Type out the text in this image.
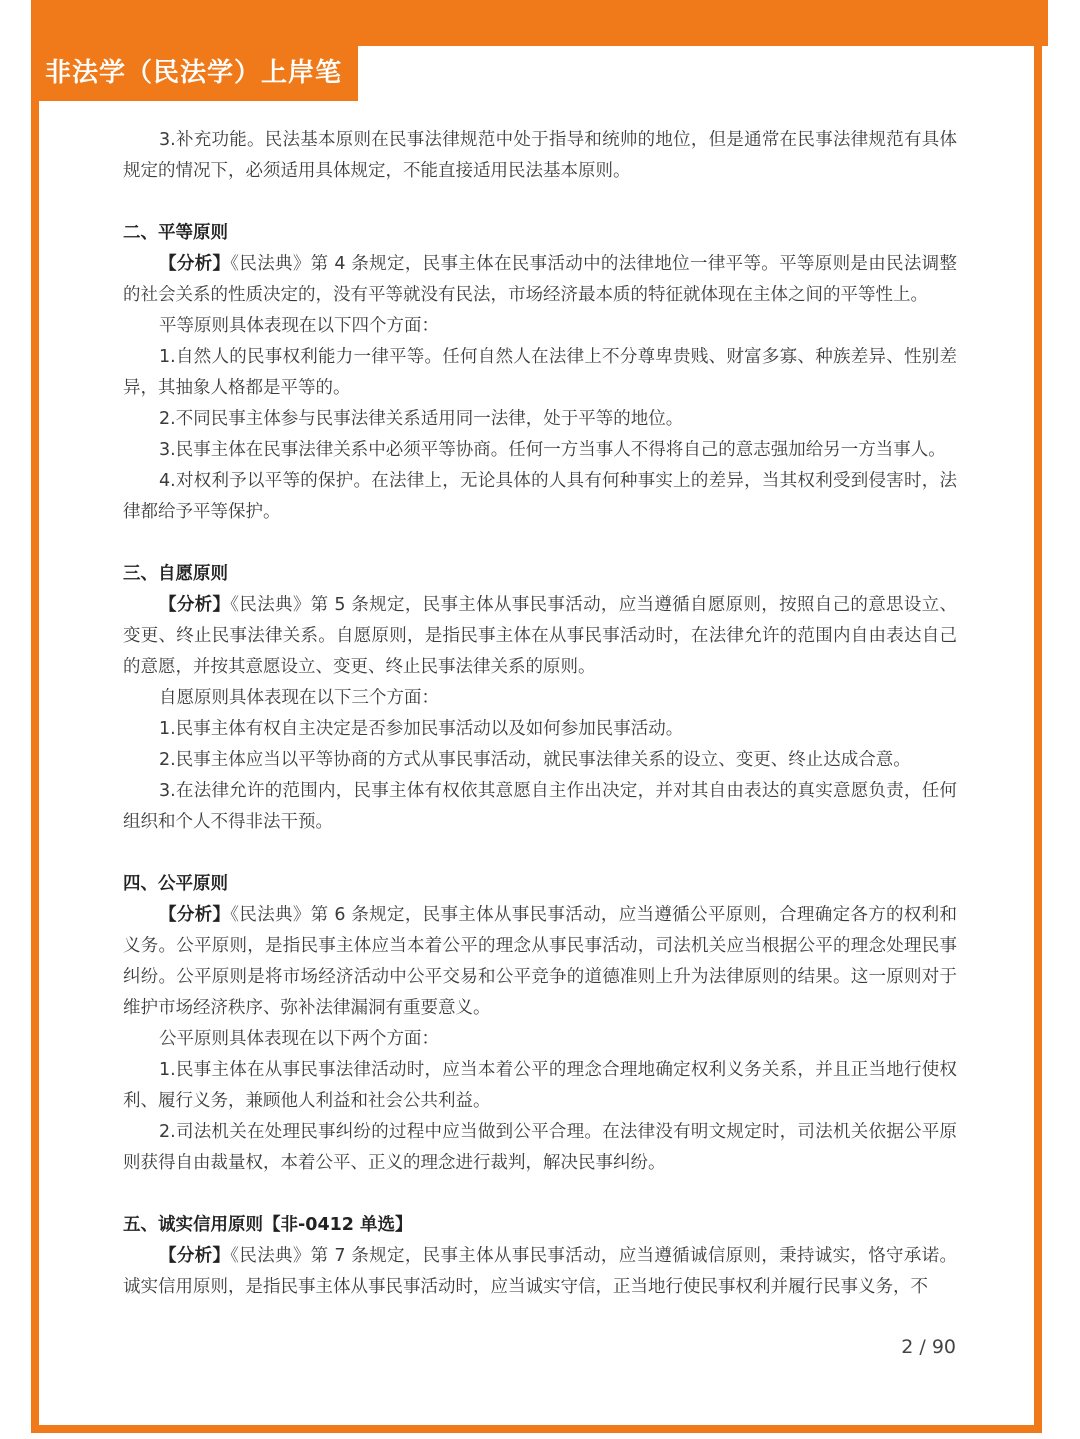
非法学（民法学）上岸笔记	3.补充功能。民法基本原则在民事法律规范中处于指导和统帅的地位，但是通常在民事法律规范有具体规定的情况下，必须适用具体规定，不能直接适用民法基本原则。

二、平等原则

【分析】《民法典》第 4 条规定，民事主体在民事活动中的法律地位一律平等。平等原则是由民法调整的社会关系的性质决定的，没有平等就没有民法，市场经济最本质的特征就体现在主体之间的平等性上。

平等原则具体表现在以下四个方面：

1.自然人的民事权利能力一律平等。任何自然人在法律上不分尊卑贵贱、财富多寡、种族差异、性别差异，其抽象人格都是平等的。

2.不同民事主体参与民事法律关系适用同一法律，处于平等的地位。

3.民事主体在民事法律关系中必须平等协商。任何一方当事人不得将自己的意志强加给另一方当事人。

4.对权利予以平等的保护。在法律上，无论具体的人具有何种事实上的差异，当其权利受到侵害时，法律都给予平等保护。

三、自愿原则

【分析】《民法典》第 5 条规定，民事主体从事民事活动，应当遵循自愿原则，按照自己的意思设立、变更、终止民事法律关系。自愿原则，是指民事主体在从事民事活动时，在法律允许的范围内自由表达自己的意愿，并按其意愿设立、变更、终止民事法律关系的原则。

自愿原则具体表现在以下三个方面：

1.民事主体有权自主决定是否参加民事活动以及如何参加民事活动。

2.民事主体应当以平等协商的方式从事民事活动，就民事法律关系的设立、变更、终止达成合意。

3.在法律允许的范围内，民事主体有权依其意愿自主作出决定，并对其自由表达的真实意愿负责，任何组织和个人不得非法干预。

四、公平原则

【分析】《民法典》第 6 条规定，民事主体从事民事活动，应当遵循公平原则，合理确定各方的权利和义务。公平原则，是指民事主体应当本着公平的理念从事民事活动，司法机关应当根据公平的理念处理民事纠纷。公平原则是将市场经济活动中公平交易和公平竞争的道德准则上升为法律原则的结果。这一原则对于维护市场经济秩序、弥补法律漏洞有重要意义。

公平原则具体表现在以下两个方面：

1.民事主体在从事民事法律活动时，应当本着公平的理念合理地确定权利义务关系，并且正当地行使权利、履行义务，兼顾他人利益和社会公共利益。

2.司法机关在处理民事纠纷的过程中应当做到公平合理。在法律没有明文规定时，司法机关依据公平原则获得自由裁量权，本着公平、正义的理念进行裁判，解决民事纠纷。

五、诚实信用原则【非-0412 单选】

【分析】《民法典》第 7 条规定，民事主体从事民事活动，应当遵循诚信原则，秉持诚实，恪守承诺。诚实信用原则，是指民事主体从事民事活动时，应当诚实守信，正当地行使民事权利并履行民事义务，不

2 / 90
